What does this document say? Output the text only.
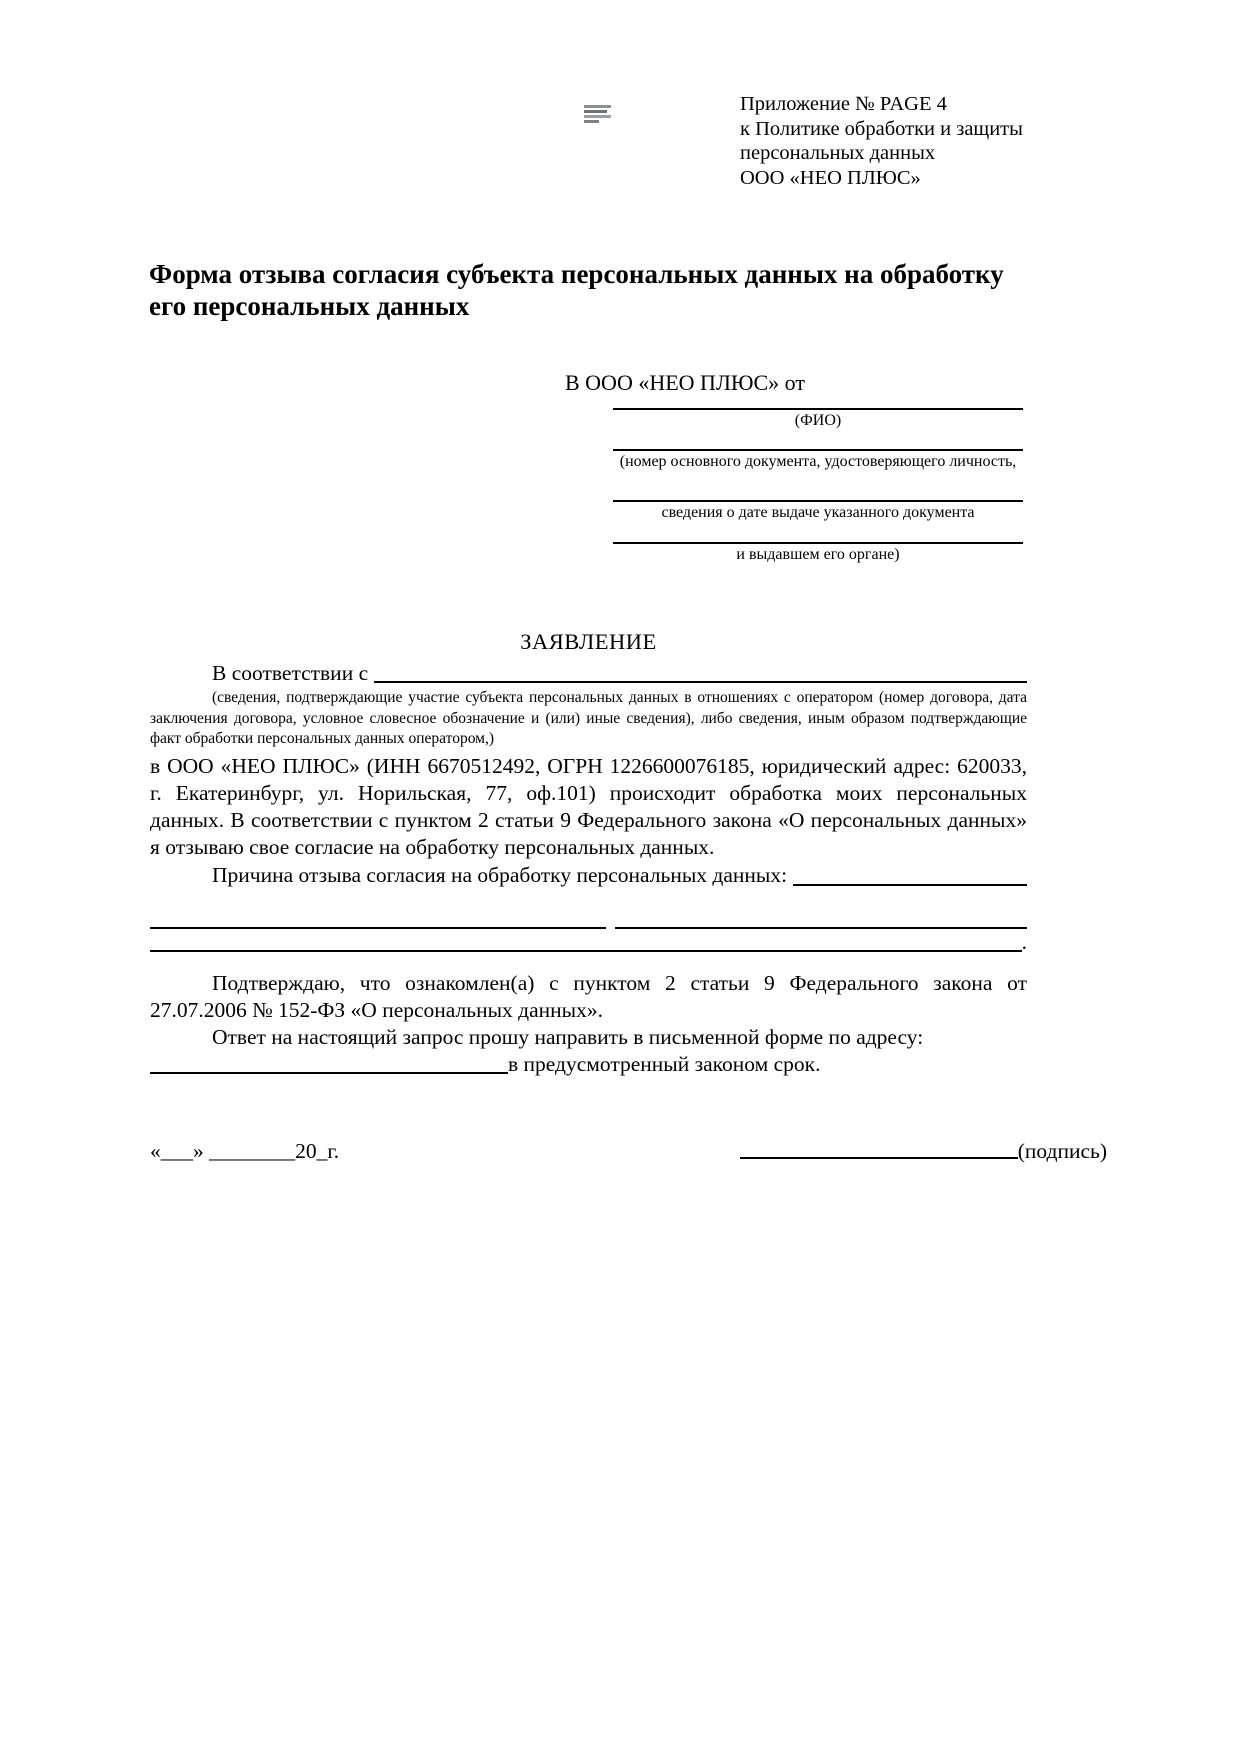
Приложение № PAGE 4
к Политике обработки и защиты
персональных данных
ООО «НЕО ПЛЮС»
Форма отзыва согласия субъекта персональных данных на обработку его персональных данных
В ООО «НЕО ПЛЮС» от
(ФИО)
(номер основного документа, удостоверяющего личность,
сведения о дате выдаче указанного документа
и выдавшем его органе)
ЗАЯВЛЕНИЕ
В соответствии с
(сведения, подтверждающие участие субъекта персональных данных в отношениях с оператором (номер договора, дата заключения договора, условное словесное обозначение и (или) иные сведения), либо сведения, иным образом подтверждающие факт обработки персональных данных оператором,)
в ООО «НЕО ПЛЮС» (ИНН 6670512492, ОГРН 1226600076185, юридический адрес: 620033, г. Екатеринбург, ул. Норильская, 77, оф.101) происходит обработка моих персональных данных. В соответствии с пунктом 2 статьи 9 Федерального закона «О персональных данных» я отзываю свое согласие на обработку персональных данных.
Причина отзыва согласия на обработку персональных данных:
.
Подтверждаю, что ознакомлен(а) с пунктом 2 статьи 9 Федерального закона от 27.07.2006 № 152-ФЗ «О персональных данных».
Ответ на настоящий запрос прошу направить в письменной форме по адресу:
в предусмотренный законом срок.
«___» ________20_г.	(подпись)
